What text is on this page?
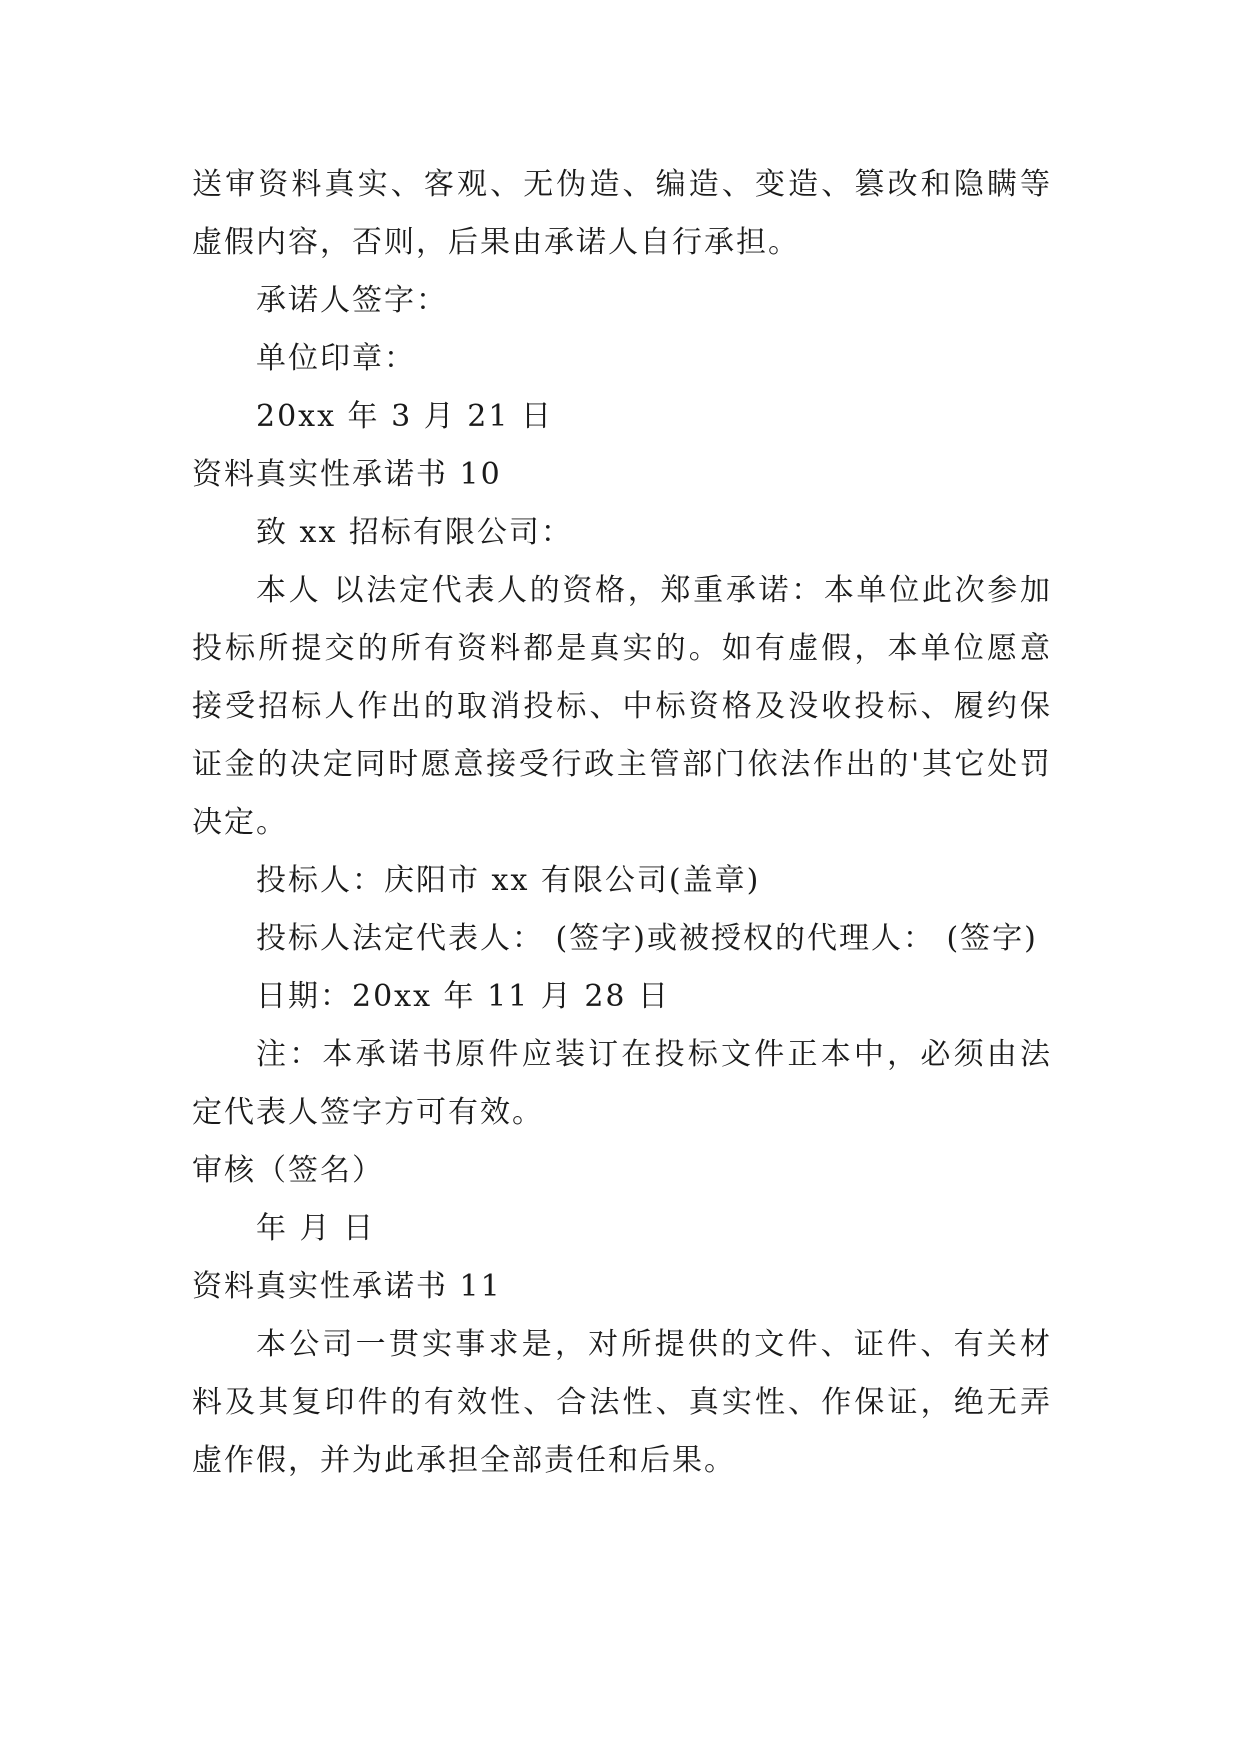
送审资料真实、客观、无伪造、编造、变造、篡改和隐瞒等虚假内容，否则，后果由承诺人自行承担。

承诺人签字：

单位印章：

20xx 年 3 月 21 日

资料真实性承诺书 10

致 xx 招标有限公司：

本人 以法定代表人的资格，郑重承诺：本单位此次参加投标所提交的所有资料都是真实的。如有虚假，本单位愿意接受招标人作出的取消投标、中标资格及没收投标、履约保证金的决定同时愿意接受行政主管部门依法作出的'其它处罚决定。

投标人：庆阳市 xx 有限公司(盖章)

投标人法定代表人： (签字)或被授权的代理人： (签字)

日期：20xx 年 11 月 28 日

注：本承诺书原件应装订在投标文件正本中，必须由法定代表人签字方可有效。

审核（签名）

年 月 日

资料真实性承诺书 11

本公司一贯实事求是，对所提供的文件、证件、有关材料及其复印件的有效性、合法性、真实性、作保证，绝无弄虚作假，并为此承担全部责任和后果。
